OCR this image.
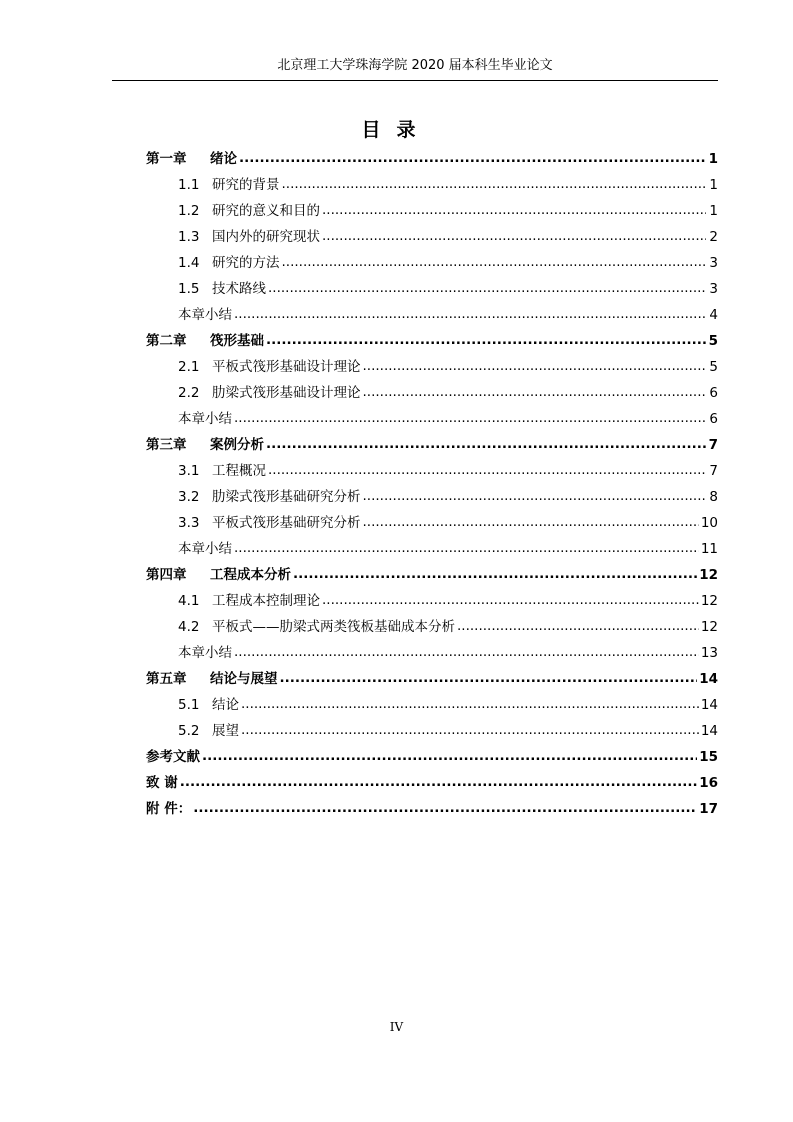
北京理工大学珠海学院 2020 届本科生毕业论文
目录
第一章	绪论 .....	1
1.1 研究的背景 .....	1
1.2 研究的意义和目的 .....	1
1.3 国内外的研究现状 .....	2
1.4 研究的方法 .....	3
1.5 技术路线 .....	3
本章小结 .....	4
第二章	筏形基础 .....	5
2.1 平板式筏形基础设计理论 .....	5
2.2 肋梁式筏形基础设计理论 .....	6
本章小结 .....	6
第三章	案例分析 .....	7
3.1 工程概况 .....	7
3.2 肋梁式筏形基础研究分析 .....	8
3.3 平板式筏形基础研究分析 .....	10
本章小结 .....	11
第四章	工程成本分析 .....	12
4.1 工程成本控制理论 .....	12
4.2 平板式——肋梁式两类筏板基础成本分析 .....	12
本章小结 .....	13
第五章	结论与展望 .....	14
5.1 结论 .....	14
5.2 展望 .....	14
参考文献 .....	15
致 谢 .....	16
附 件： .....	17
IV
